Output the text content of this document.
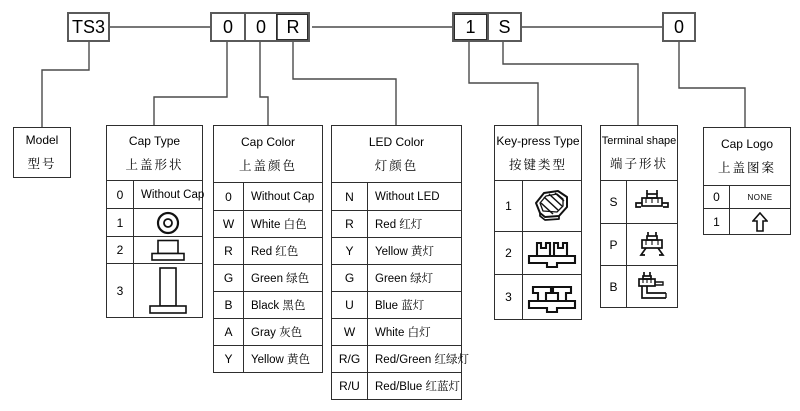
TS3	0	0	R	1	S	0
Model
型号
Cap Type
上盖形状
0	Without Cap
1
2
3
Cap Color
上盖颜色
0	Without Cap
W	White 白色
R	Red 红色
G	Green 绿色
B	Black 黑色
A	Gray 灰色
Y	Yellow 黄色
LED Color
灯颜色
N	Without LED
R	Red 红灯
Y	Yellow 黄灯
G	Green 绿灯
U	Blue 蓝灯
W	White 白灯
R/G	Red/Green 红绿灯
R/U	Red/Blue 红蓝灯
Key-press Type
按键类型
1
2
3
Terminal shape
端子形状
S
P
B
Cap Logo
上盖图案
0	NONE
1
